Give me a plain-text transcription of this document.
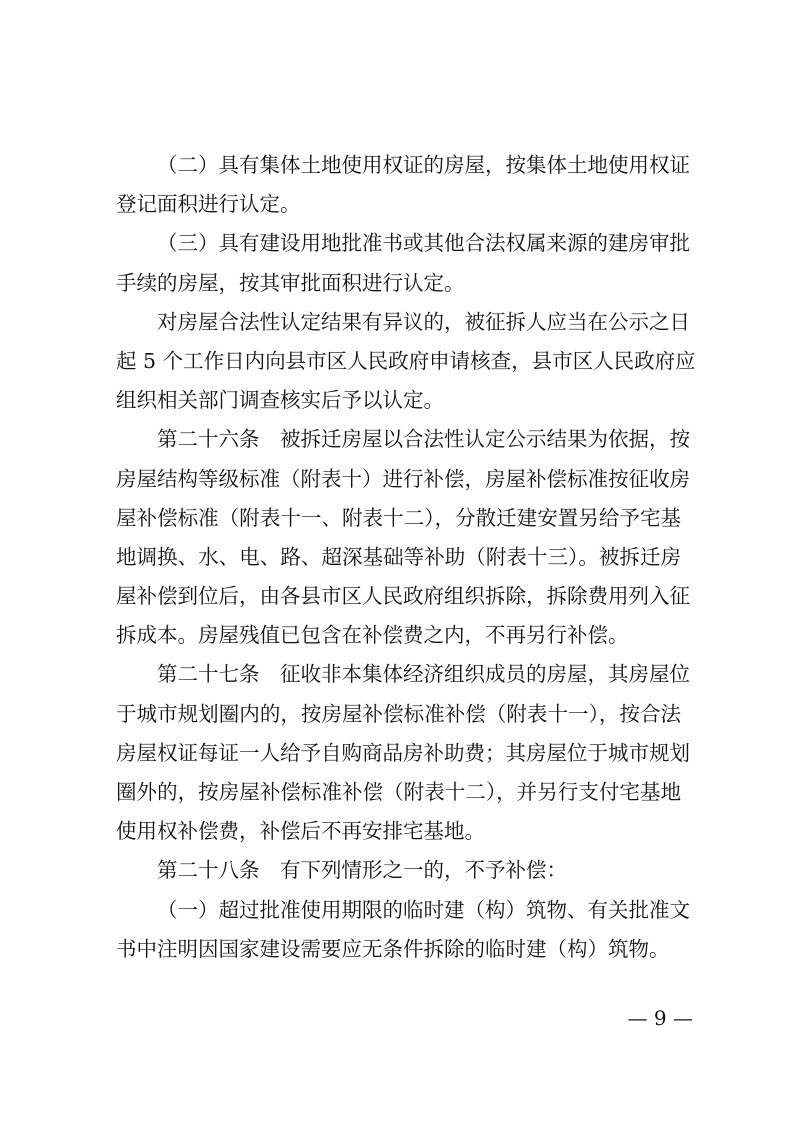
（二）具有集体土地使用权证的房屋，按集体土地使用权证
登记面积进行认定。
（三）具有建设用地批准书或其他合法权属来源的建房审批
手续的房屋，按其审批面积进行认定。
对房屋合法性认定结果有异议的，被征拆人应当在公示之日
起 5 个工作日内向县市区人民政府申请核查，县市区人民政府应
组织相关部门调查核实后予以认定。
第二十六条　被拆迁房屋以合法性认定公示结果为依据，按
房屋结构等级标准（附表十）进行补偿，房屋补偿标准按征收房
屋补偿标准（附表十一、附表十二），分散迁建安置另给予宅基
地调换、水、电、路、超深基础等补助（附表十三）。被拆迁房
屋补偿到位后，由各县市区人民政府组织拆除，拆除费用列入征
拆成本。房屋残值已包含在补偿费之内，不再另行补偿。
第二十七条　征收非本集体经济组织成员的房屋，其房屋位
于城市规划圈内的，按房屋补偿标准补偿（附表十一），按合法
房屋权证每证一人给予自购商品房补助费；其房屋位于城市规划
圈外的，按房屋补偿标准补偿（附表十二），并另行支付宅基地
使用权补偿费，补偿后不再安排宅基地。
第二十八条　有下列情形之一的，不予补偿：
（一）超过批准使用期限的临时建（构）筑物、有关批准文
书中注明因国家建设需要应无条件拆除的临时建（构）筑物。
— 9 —
